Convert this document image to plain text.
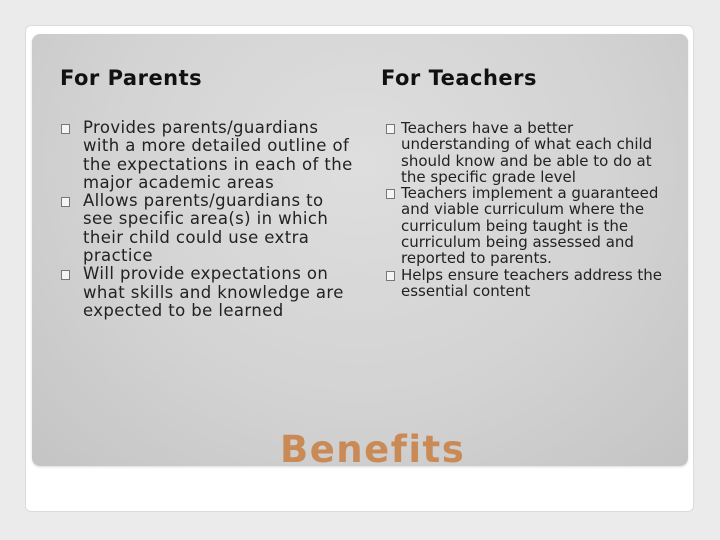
For Parents	For Teachers
Provides parents/guardians with a more detailed outline of the expectations in each of the major academic areas
Allows parents/guardians to see specific area(s) in which their child could use extra practice
Will provide expectations on what skills and knowledge are expected to be learned
Teachers have a better understanding of what each child should know and be able to do at the specific grade level
Teachers implement a guaranteed and viable curriculum where the curriculum being taught is the curriculum being assessed and reported to parents.
Helps ensure teachers address the essential content
Benefits
